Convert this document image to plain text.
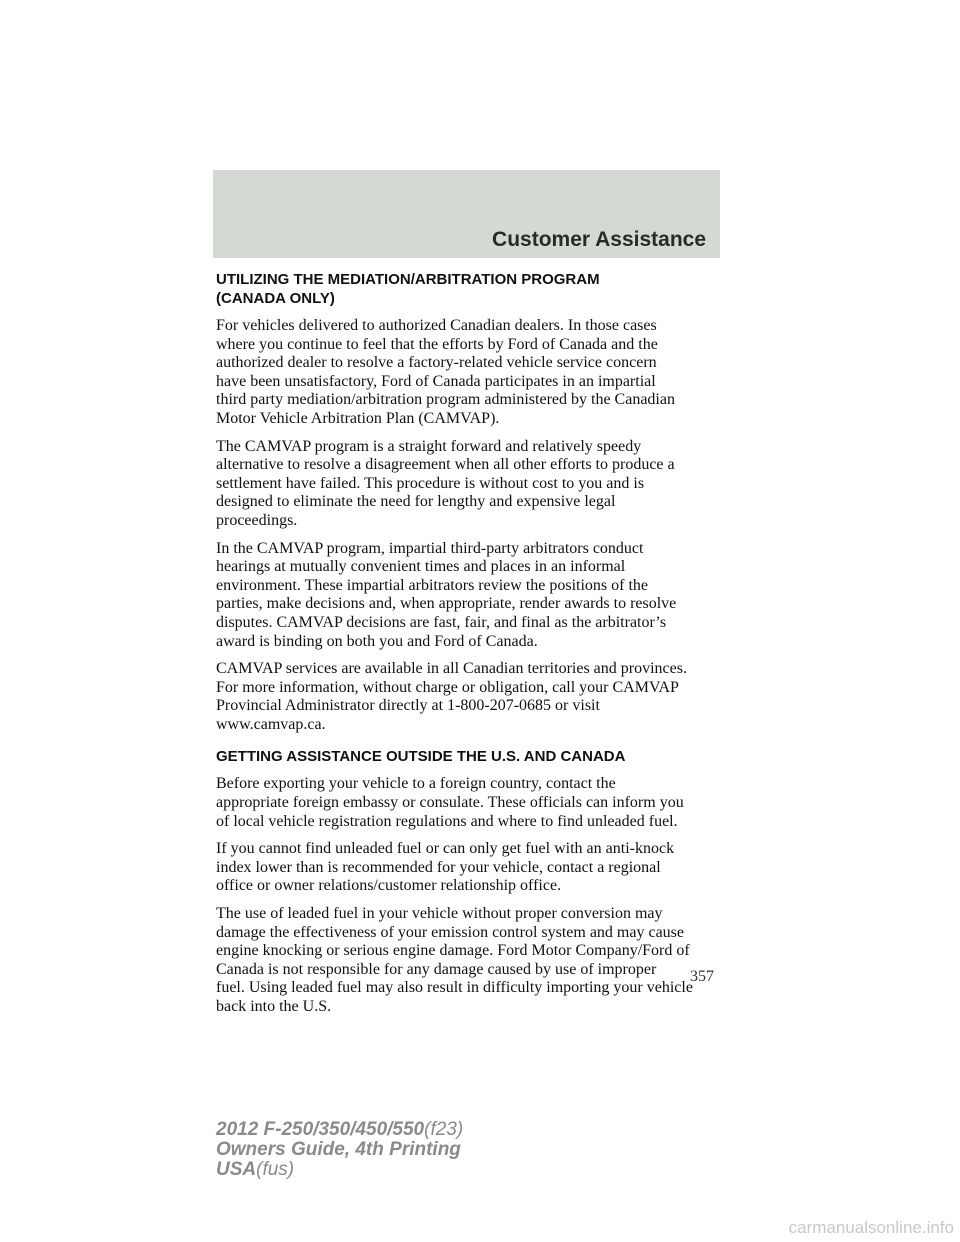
Customer Assistance
UTILIZING THE MEDIATION/ARBITRATION PROGRAM
(CANADA ONLY)

For vehicles delivered to authorized Canadian dealers. In those cases
where you continue to feel that the efforts by Ford of Canada and the
authorized dealer to resolve a factory-related vehicle service concern
have been unsatisfactory, Ford of Canada participates in an impartial
third party mediation/arbitration program administered by the Canadian
Motor Vehicle Arbitration Plan (CAMVAP).

The CAMVAP program is a straight forward and relatively speedy
alternative to resolve a disagreement when all other efforts to produce a
settlement have failed. This procedure is without cost to you and is
designed to eliminate the need for lengthy and expensive legal
proceedings.

In the CAMVAP program, impartial third-party arbitrators conduct
hearings at mutually convenient times and places in an informal
environment. These impartial arbitrators review the positions of the
parties, make decisions and, when appropriate, render awards to resolve
disputes. CAMVAP decisions are fast, fair, and final as the arbitrator’s
award is binding on both you and Ford of Canada.

CAMVAP services are available in all Canadian territories and provinces.
For more information, without charge or obligation, call your CAMVAP
Provincial Administrator directly at 1-800-207-0685 or visit
www.camvap.ca.

GETTING ASSISTANCE OUTSIDE THE U.S. AND CANADA

Before exporting your vehicle to a foreign country, contact the
appropriate foreign embassy or consulate. These officials can inform you
of local vehicle registration regulations and where to find unleaded fuel.

If you cannot find unleaded fuel or can only get fuel with an anti-knock
index lower than is recommended for your vehicle, contact a regional
office or owner relations/customer relationship office.

The use of leaded fuel in your vehicle without proper conversion may
damage the effectiveness of your emission control system and may cause
engine knocking or serious engine damage. Ford Motor Company/Ford of
Canada is not responsible for any damage caused by use of improper
fuel. Using leaded fuel may also result in difficulty importing your vehicle
back into the U.S.

357
2012 F-250/350/450/550(f23)
Owners Guide, 4th Printing
USA(fus)
carmanualsonline.info
